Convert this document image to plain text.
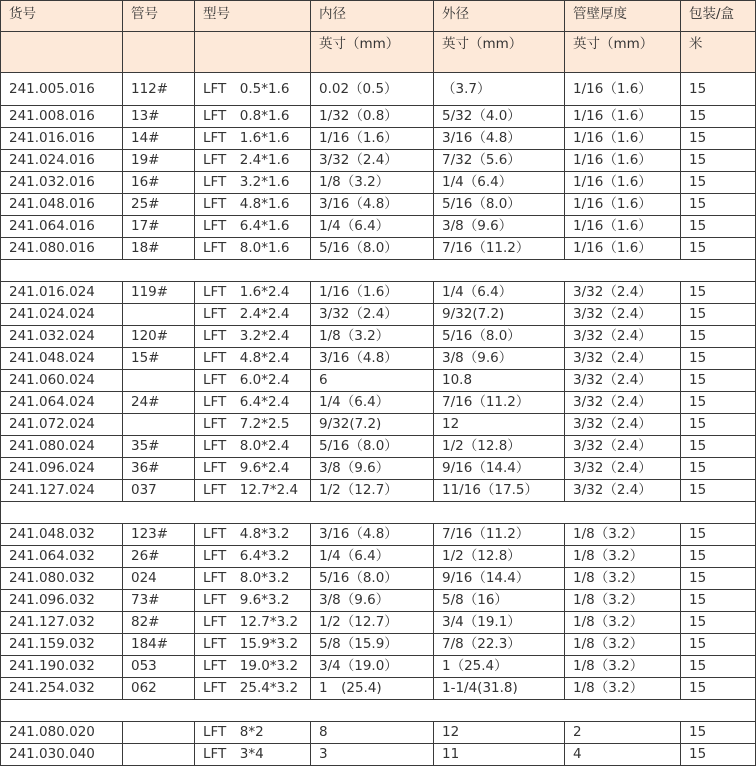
货号	管号	型号	内径	外径	管壁厚度	包装/盒
			英寸（mm）	英寸（mm）	英寸（mm）	米
241.005.016	112#	LFT　0.5*1.6	0.02（0.5）	（3.7）	1/16（1.6）	15
241.008.016	13#	LFT　0.8*1.6	1/32（0.8）	5/32（4.0）	1/16（1.6）	15
241.016.016	14#	LFT　1.6*1.6	1/16（1.6）	3/16（4.8）	1/16（1.6）	15
241.024.016	19#	LFT　2.4*1.6	3/32（2.4）	7/32（5.6）	1/16（1.6）	15
241.032.016	16#	LFT　3.2*1.6	1/8（3.2）	1/4（6.4）	1/16（1.6）	15
241.048.016	25#	LFT　4.8*1.6	3/16（4.8）	5/16（8.0）	1/16（1.6）	15
241.064.016	17#	LFT　6.4*1.6	1/4（6.4）	3/8（9.6）	1/16（1.6）	15
241.080.016	18#	LFT　8.0*1.6	5/16（8.0）	7/16（11.2）	1/16（1.6）	15

241.016.024	119#	LFT　1.6*2.4	1/16（1.6）	1/4（6.4）	3/32（2.4）	15
241.024.024		LFT　2.4*2.4	3/32（2.4）	9/32(7.2)	3/32（2.4）	15
241.032.024	120#	LFT　3.2*2.4	1/8（3.2）	5/16（8.0）	3/32（2.4）	15
241.048.024	15#	LFT　4.8*2.4	3/16（4.8）	3/8（9.6）	3/32（2.4）	15
241.060.024		LFT　6.0*2.4	6	10.8	3/32（2.4）	15
241.064.024	24#	LFT　6.4*2.4	1/4（6.4）	7/16（11.2）	3/32（2.4）	15
241.072.024		LFT　7.2*2.5	9/32(7.2)	12	3/32（2.4）	15
241.080.024	35#	LFT　8.0*2.4	5/16（8.0）	1/2（12.8）	3/32（2.4）	15
241.096.024	36#	LFT　9.6*2.4	3/8（9.6）	9/16（14.4）	3/32（2.4）	15
241.127.024	037	LFT　12.7*2.4	1/2（12.7）	11/16（17.5）	3/32（2.4）	15

241.048.032	123#	LFT　4.8*3.2	3/16（4.8）	7/16（11.2）	1/8（3.2）	15
241.064.032	26#	LFT　6.4*3.2	1/4（6.4）	1/2（12.8）	1/8（3.2）	15
241.080.032	024	LFT　8.0*3.2	5/16（8.0）	9/16（14.4）	1/8（3.2）	15
241.096.032	73#	LFT　9.6*3.2	3/8（9.6）	5/8（16）	1/8（3.2）	15
241.127.032	82#	LFT　12.7*3.2	1/2（12.7）	3/4（19.1）	1/8（3.2）	15
241.159.032	184#	LFT　15.9*3.2	5/8（15.9）	7/8（22.3）	1/8（3.2）	15
241.190.032	053	LFT　19.0*3.2	3/4（19.0）	1（25.4）	1/8（3.2）	15
241.254.032	062	LFT　25.4*3.2	1　(25.4)	1-1/4(31.8)	1/8（3.2）	15

241.080.020		LFT　8*2	8	12	2	15
241.030.040		LFT　3*4	3	11	4	15
